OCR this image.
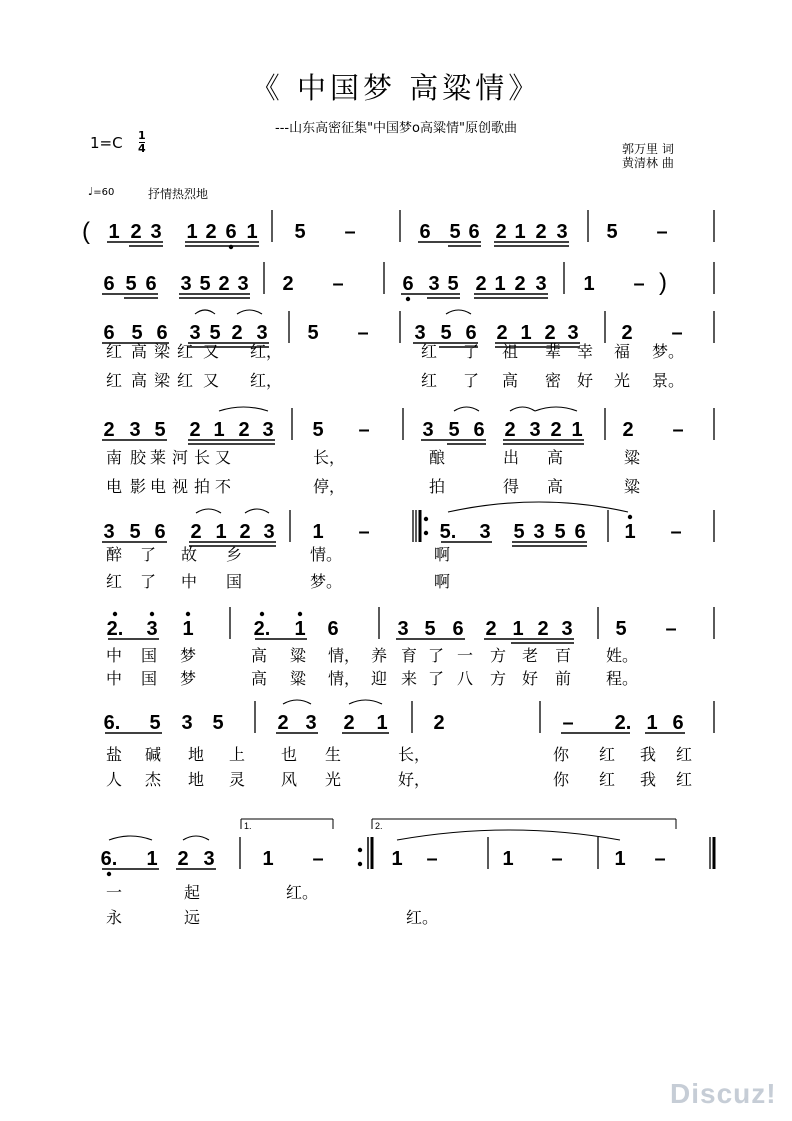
《 中国梦 高粱情》
---山东高密征集"中国梦o高粱情"原创歌曲
1=C 1
4	郭万里 词
黄清林 曲
♩=60	抒情热烈地
Discuz!
(
)
1 2 3 1 2 6 1 5 –	6 5 6 2 1 2 3 5 –
6 5 6 3 5 2 3 2 –	6 3 5 2 1 2 3 1 –
6 5 6 3 5 2 3 5 – 3 5 6 2 1 2 3 2 –
红 高 梁 红 又 红，	红 了 祖 辈 幸 福 梦。
红 高 梁 红 又 红，	红 了 高 密 好 光 景。
2 3 5 2 1 2 3 5 –	3 5 6 2 3 2 1 2 –
南 胶 莱 河 长 又	长，	酿	出 高	粱
电 影 电 视 拍 不	停，	拍	得 高	粱
3 5 6 2 1 2 3 1 –	5. 3 5 3 5 6 1 –
醉 了 故 乡	情。	啊
红 了 中 国	梦。	啊
2. 3 1	2. 1 6	3 5 6 2 1 2 3 5 –
中 国 梦	高 粱 情， 养 育 了 一 方 老 百 姓。
中 国 梦	高 粱 情， 迎 来 了 八 方 好 前 程。
6. 5 3 5	2 3 2 1 2	– 2. 1 6
盐 碱 地 上 也 生	长，	你 红 我 红
人 杰 地 灵 风 光	好，	你 红 我 红
6. 1 2 3 1 –	1 –	1 –	1 –
一	起	红。
永	远	红。
1.	2.
